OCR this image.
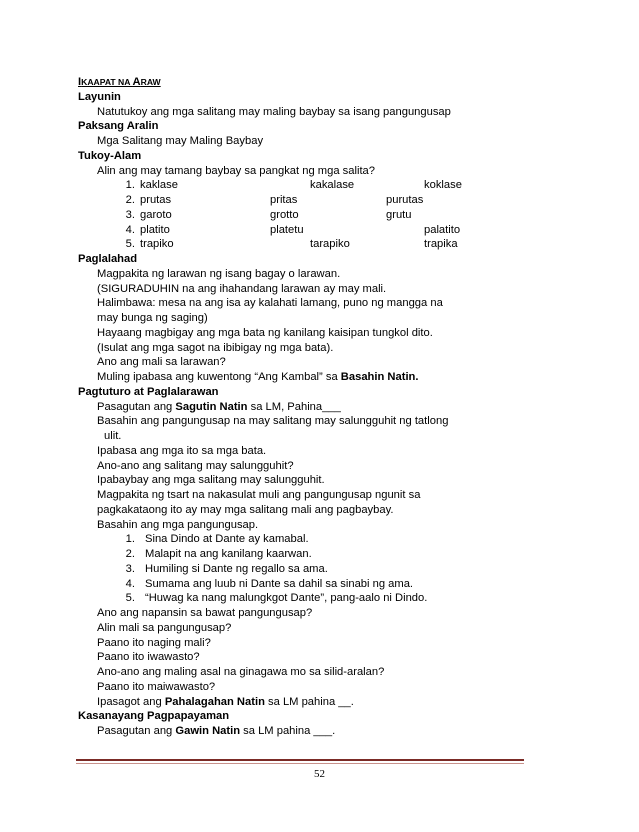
IKAAPAT NA ARAW
Layunin
Natutukoy ang mga salitang may maling baybay sa isang pangungusap
Paksang Aralin
Mga Salitang may Maling Baybay
Tukoy-Alam
Alin ang may tamang baybay sa pangkat ng mga salita?
1. kaklase	kakalase	koklase
2. prutas	pritas	purutas
3. garoto	grotto	grutu
4. platito	platetu	palatito
5. trapiko	tarapiko	trapika
Paglalahad
Magpakita ng larawan ng isang bagay o larawan.
(SIGURADUHIN na ang ihahandang larawan ay may mali.
Halimbawa: mesa na ang isa ay kalahati lamang, puno ng mangga na
may bunga ng saging)
Hayaang magbigay ang mga bata ng kanilang kaisipan tungkol dito.
(Isulat ang mga sagot na ibibigay ng mga bata).
Ano ang mali sa larawan?
Muling ipabasa ang kuwentong “Ang Kambal” sa Basahin Natin.
Pagtuturo at Paglalarawan
Pasagutan ang Sagutin Natin sa LM, Pahina___
Basahin ang pangungusap na may salitang may salungguhit ng tatlong
ulit.
Ipabasa ang mga ito sa mga bata.
Ano-ano ang salitang may salungguhit?
Ipabaybay ang mga salitang may salungguhit.
Magpakita ng tsart na nakasulat muli ang pangungusap ngunit sa
pagkakataong ito ay may mga salitang mali ang pagbaybay.
Basahin ang mga pangungusap.
1. Sina Dindo at Dante ay kamabal.
2. Malapit na ang kanilang kaarwan.
3. Humiling si Dante ng regallo sa ama.
4. Sumama ang luub ni Dante sa dahil sa sinabi ng ama.
5. “Huwag ka nang malungkgot Dante”, pang-aalo ni Dindo.
Ano ang napansin sa bawat pangungusap?
Alin mali sa pangungusap?
Paano ito naging mali?
Paano ito iwawasto?
Ano-ano ang maling asal na ginagawa mo sa silid-aralan?
Paano ito maiwawasto?
Ipasagot ang Pahalagahan Natin sa LM pahina __.
Kasanayang Pagpapayaman
Pasagutan ang Gawin Natin sa LM pahina ___.
52
